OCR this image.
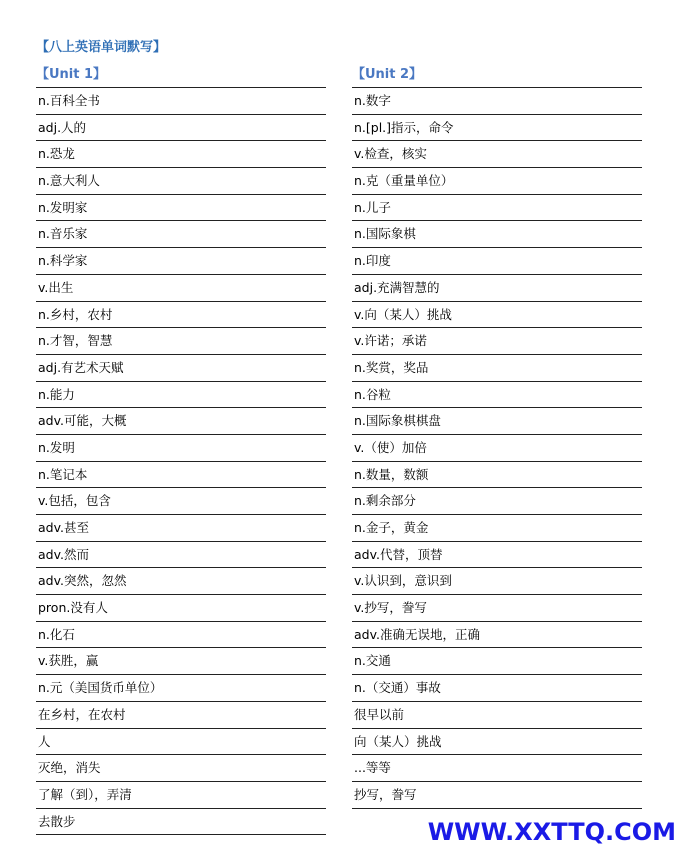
【八上英语单词默写】
【Unit 1】
n.百科全书
adj.人的
n.恐龙
n.意大利人
n.发明家
n.音乐家
n.科学家
v.出生
n.乡村，农村
n.才智，智慧
adj.有艺术天赋
n.能力
adv.可能，大概
n.发明
n.笔记本
v.包括，包含
adv.甚至
adv.然而
adv.突然，忽然
pron.没有人
n.化石
v.获胜，赢
n.元（美国货币单位）
在乡村，在农村
人
灭绝，消失
了解（到），弄清
去散步
【Unit 2】
n.数字
n.[pl.]指示，命令
v.检查，核实
n.克（重量单位）
n.儿子
n.国际象棋
n.印度
adj.充满智慧的
v.向（某人）挑战
v.许诺；承诺
n.奖赏，奖品
n.谷粒
n.国际象棋棋盘
v.（使）加倍
n.数量，数额
n.剩余部分
n.金子，黄金
adv.代替，顶替
v.认识到，意识到
v.抄写，誊写
adv.准确无误地，正确
n.交通
n.（交通）事故
很早以前
向（某人）挑战
...等等
抄写，誊写
WWW.XXTTQ.COM
